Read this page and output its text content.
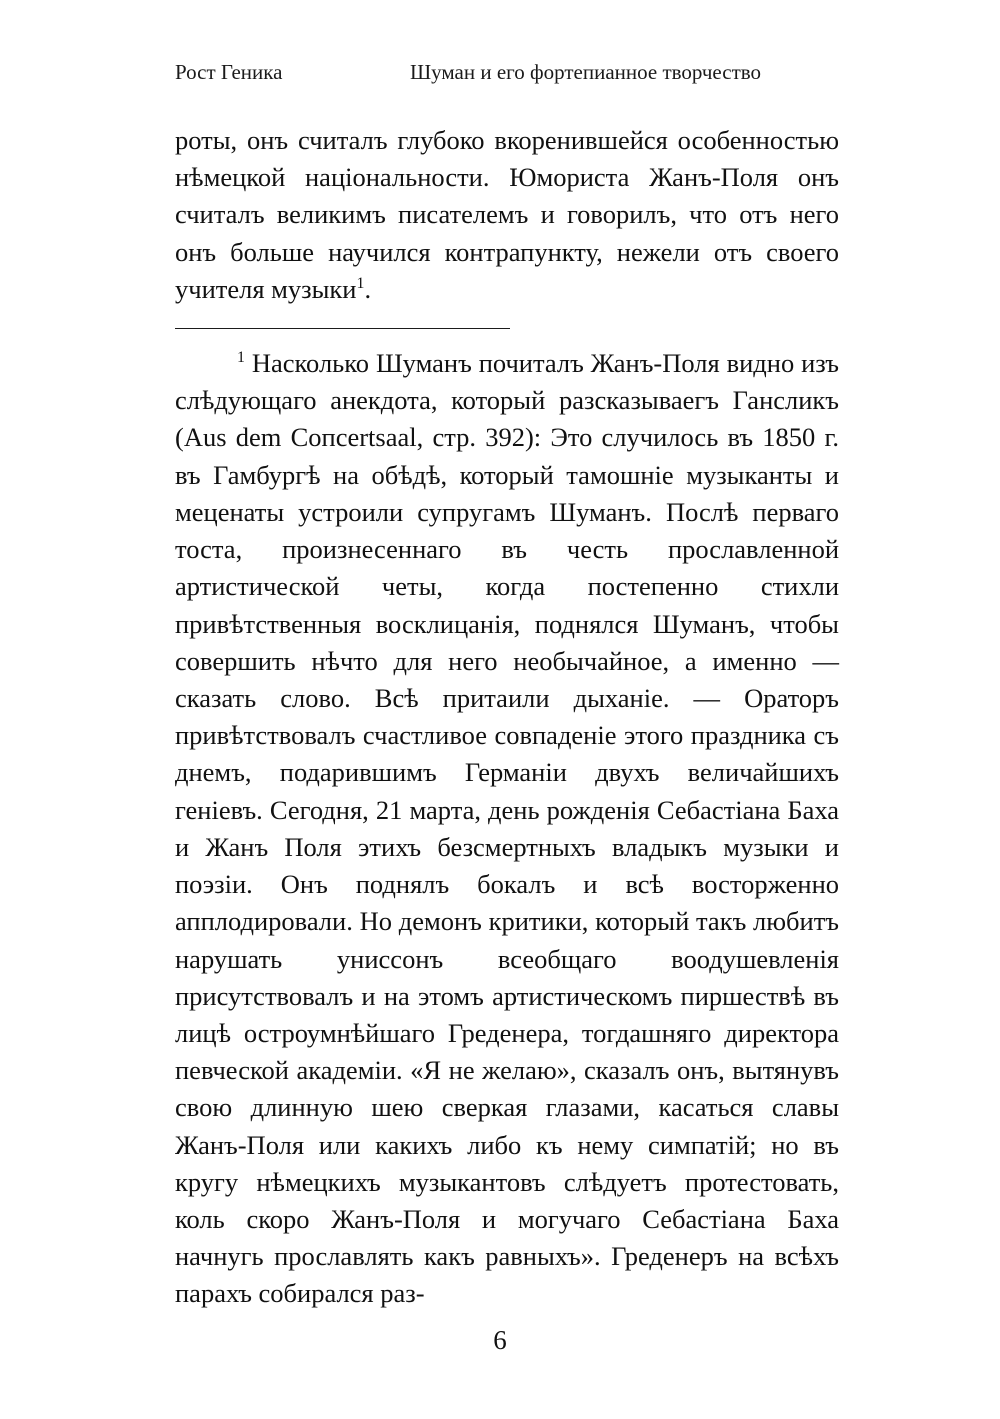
Рост Геника	Шуман и его фортепианное творчество

роты, онъ считалъ глубоко вкоренившейся особенностью нѣмецкой національности. Юмориста Жанъ-Поля онъ считалъ великимъ писателемъ и говорилъ, что отъ него онъ больше научился контрапункту, нежели отъ своего учителя музыки$^1$.

$^1$ Насколько Шуманъ почиталъ Жанъ-Поля видно изъ слѣдующаго анекдота, который разсказываегъ Гансликъ (Aus dem Coпcertsaal, стр. 392): Это случилось въ 1850 г. въ Гамбургѣ на обѣдѣ, который тамошніе музыканты и меценаты устроили супругамъ Шуманъ. Послѣ перваго тоста, произнесеннаго въ честь прославленной артистической четы, когда постепенно стихли привѣтственныя восклицанія, поднялся Шуманъ, чтобы совершить нѣчто для него необычайное, а именно — сказать слово. Всѣ притаили дыханіе. — Ораторъ привѣтствовалъ счастливое совпаденіе этого праздника съ днемъ, подарившимъ Германіи двухъ величайшихъ геніевъ. Сегодня, 21 марта, день рожденія Себастіана Баха и Жанъ Поля этихъ безсмертныхъ владыкъ музыки и поэзіи. Онъ поднялъ бокалъ и всѣ восторженно апплодировали. Но демонъ критики, который такъ любитъ нарушать униссонъ всеобщаго воодушевленія присутствовалъ и на этомъ артистическомъ пиршествѣ въ лицѣ остроумнѣйшаго Греденера, тогдашняго директора певческой академіи. «Я не желаю», сказалъ онъ, вытянувъ свою длинную шею сверкая глазами, касаться славы Жанъ-Поля или какихъ либо къ нему симпатій; но въ кругу нѣмецкихъ музыкантовъ слѣдуетъ протестовать, коль скоро Жанъ-Поля и могучаго Себастіана Баха начнугь прославлять какъ равныхъ». Греденеръ на всѣхъ парахъ собирался раз-

6
